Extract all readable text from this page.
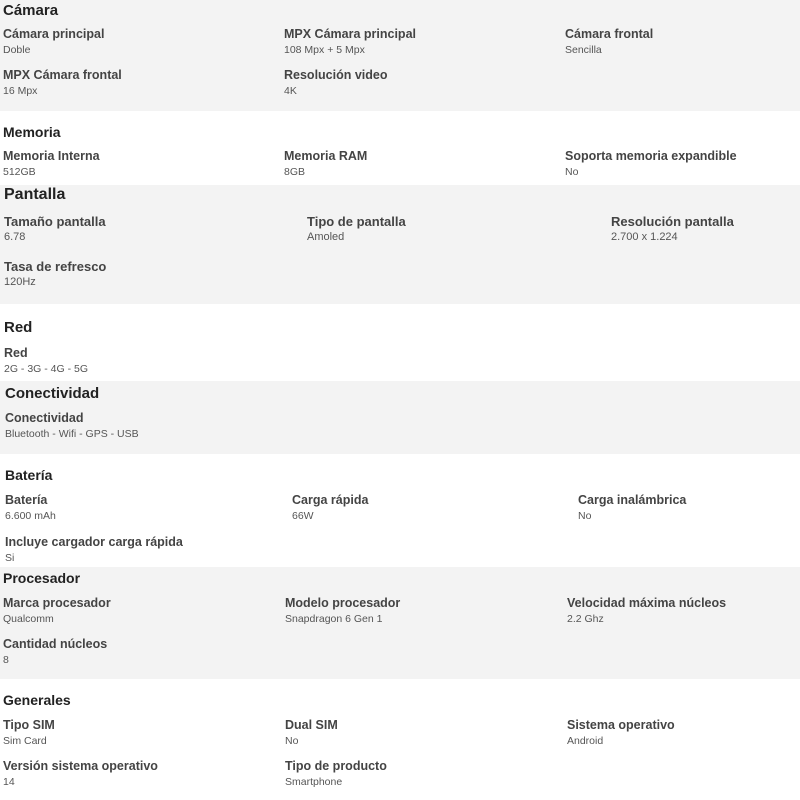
Cámara
Cámara principal
Doble
MPX Cámara principal
108 Mpx + 5 Mpx
Cámara frontal
Sencilla
MPX Cámara frontal
16 Mpx
Resolución video
4K
Memoria
Memoria Interna
512GB
Memoria RAM
8GB
Soporta memoria expandible
No
Pantalla
Tamaño pantalla
6.78
Tipo de pantalla
Amoled
Resolución pantalla
2.700 x 1.224
Tasa de refresco
120Hz
Red
Red
2G - 3G - 4G - 5G
Conectividad
Conectividad
Bluetooth - Wifi - GPS - USB
Batería
Batería
6.600 mAh
Carga rápida
66W
Carga inalámbrica
No
Incluye cargador carga rápida
Si
Procesador
Marca procesador
Qualcomm
Modelo procesador
Snapdragon 6 Gen 1
Velocidad máxima núcleos
2.2 Ghz
Cantidad núcleos
8
Generales
Tipo SIM
Sim Card
Dual SIM
No
Sistema operativo
Android
Versión sistema operativo
14
Tipo de producto
Smartphone
